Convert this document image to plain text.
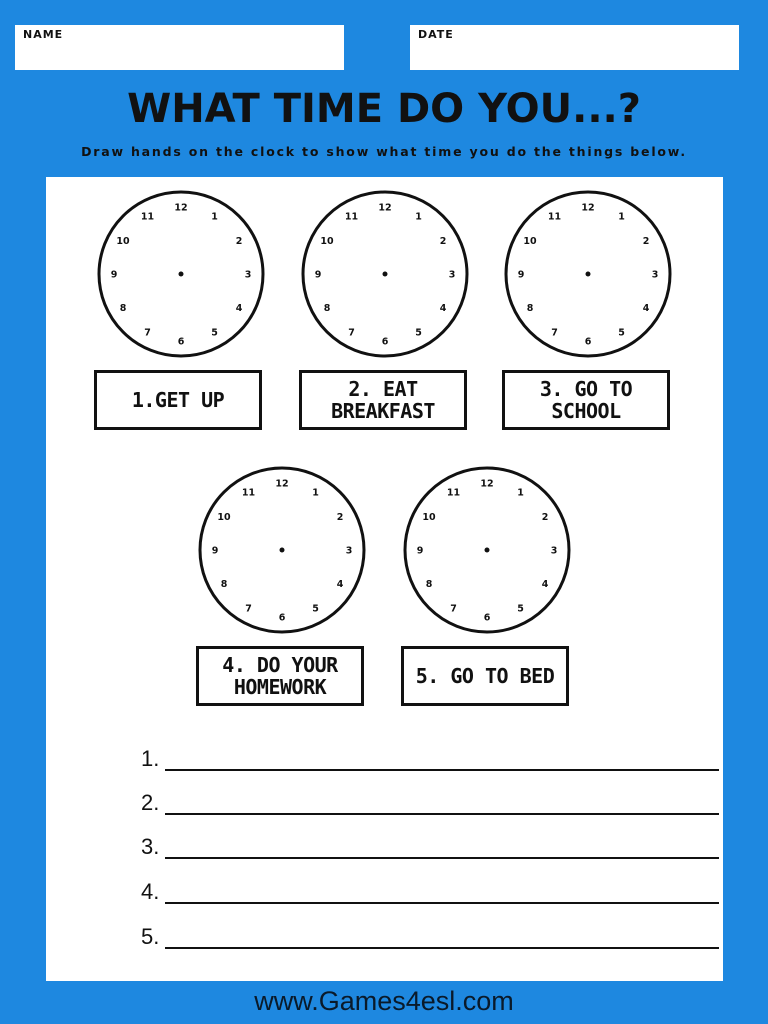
NAME	DATE
WHAT TIME DO YOU...?
Draw hands on the clock to show what time you do the things below.
12
1
2
3
4
5
6
7
8
9
10
11
12
1
2
3
4
5
6
7
8
9
10
11
12
1
2
3
4
5
6
7
8
9
10
11
12
1
2
3
4
5
6
7
8
9
10
11
12
1
2
3
4
5
6
7
8
9
10
11
1.GET UP	2. EAT
BREAKFAST
3. GO TO
SCHOOL
4. DO YOUR
HOMEWORK	5. GO TO BED
1.
2.
3.
4.
5.
www.Games4esl.com
